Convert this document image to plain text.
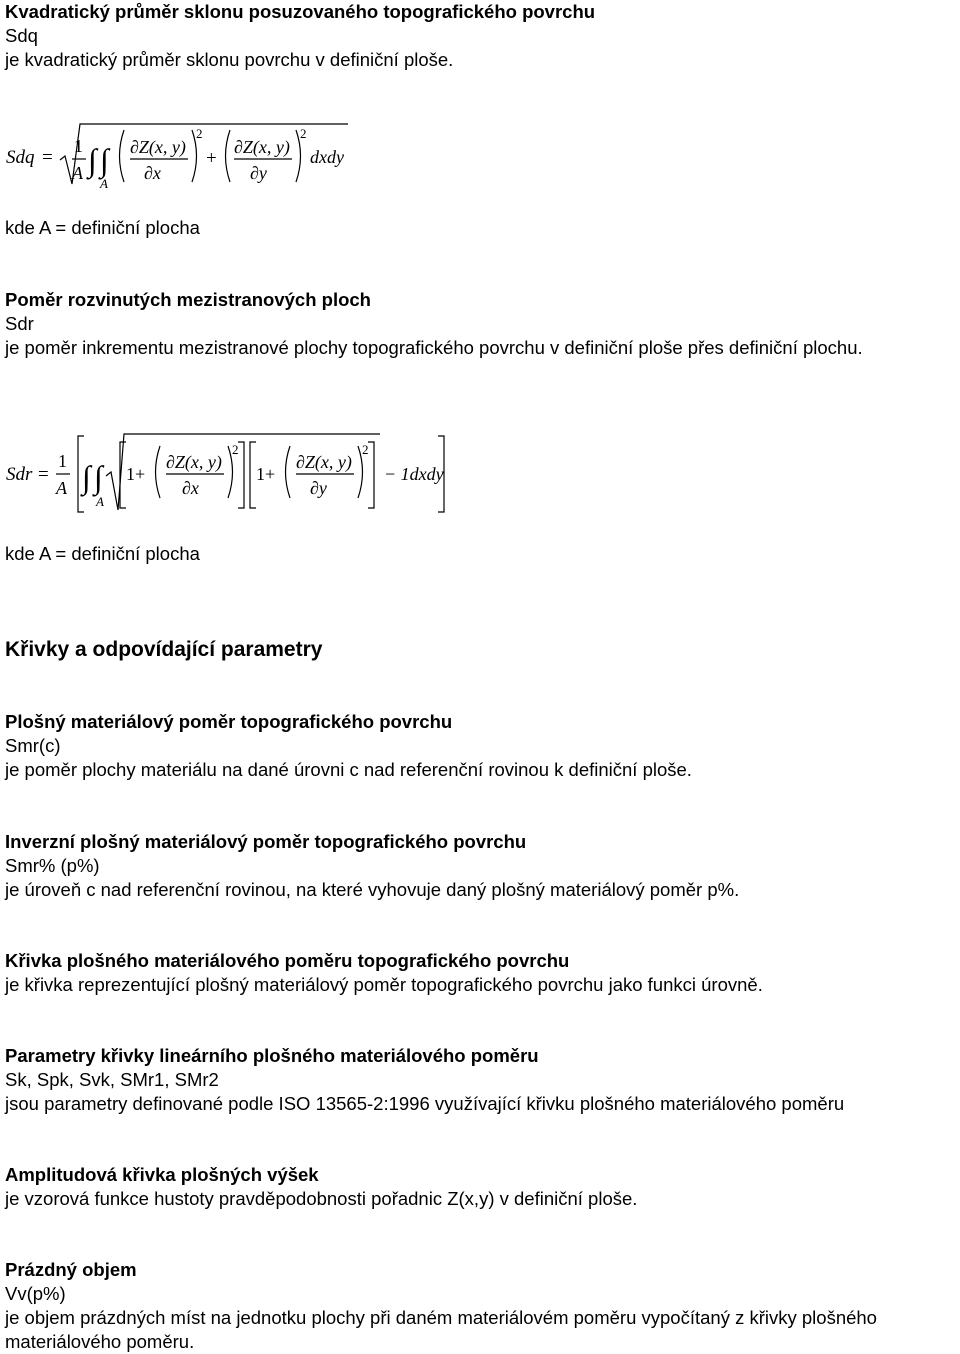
Kvadratický průměr sklonu posuzovaného topografického povrchu
Sdq
je kvadratický průměr sklonu povrchu v definiční ploše.
Sdq =
1
A ∫ ∫
A
∂Z(x, y)
∂x
2
+
∂Z(x, y)
∂y
2
dxdy
kde A = definiční plocha
Poměr rozvinutých mezistranových ploch
Sdr
je poměr inkrementu mezistranové plochy topografického povrchu v definiční ploše přes definiční plochu.
Sdr =
1
A ∫ ∫
A
1+
∂Z(x, y)
∂x
2
1+
∂Z(x, y)
∂y
2
− 1dxdy
kde A = definiční plocha
Křivky a odpovídající parametry
Plošný materiálový poměr topografického povrchu
Smr(c)
je poměr plochy materiálu na dané úrovni c nad referenční rovinou k definiční ploše.
Inverzní plošný materiálový poměr topografického povrchu
Smr% (p%)
je úroveň c nad referenční rovinou, na které vyhovuje daný plošný materiálový poměr p%.
Křivka plošného materiálového poměru topografického povrchu
je křivka reprezentující plošný materiálový poměr topografického povrchu jako funkci úrovně.
Parametry křivky lineárního plošného materiálového poměru
Sk, Spk, Svk, SMr1, SMr2
jsou parametry definované podle ISO 13565-2:1996 využívající křivku plošného materiálového poměru
Amplitudová křivka plošných výšek
je vzorová funkce hustoty pravděpodobnosti pořadnic Z(x,y) v definiční ploše.
Prázdný objem
Vv(p%)
je objem prázdných míst na jednotku plochy při daném materiálovém poměru vypočítaný z křivky plošného materiálového poměru.
